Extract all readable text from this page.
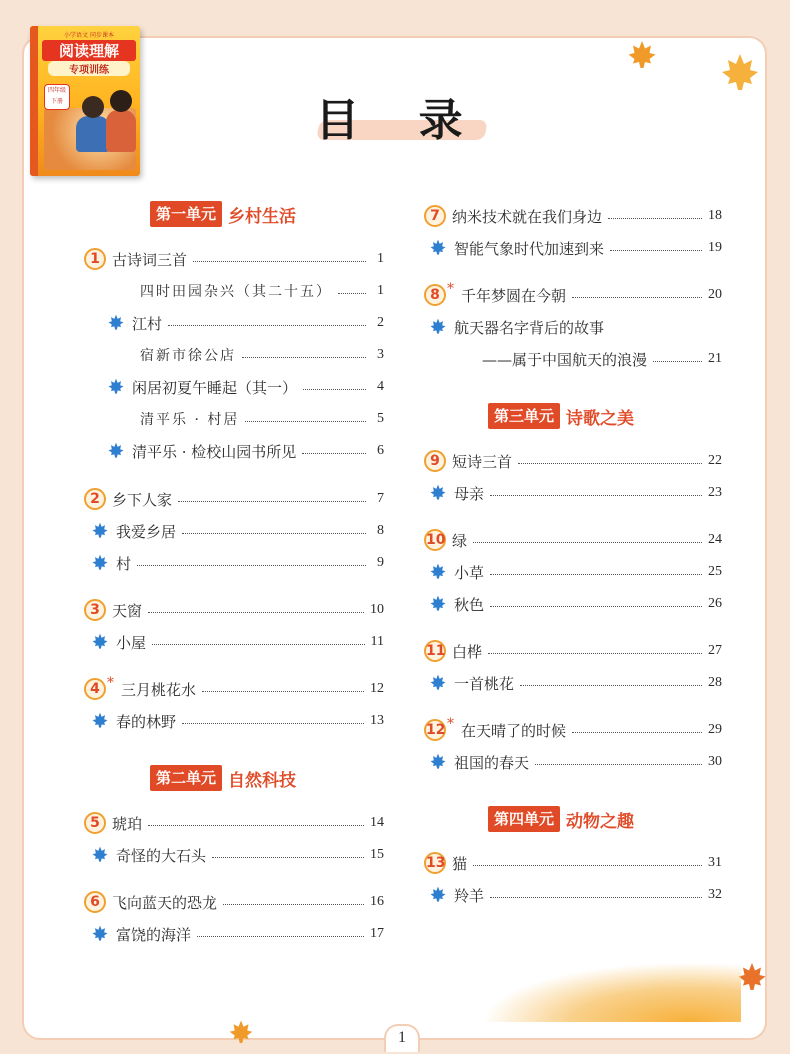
小学语文 同步课本
阅读理解
专项训练
四年级
下册	目 录
第一单元 乡村生活
第二单元 自然科技
第三单元 诗歌之美
第四单元 动物之趣
1 古诗词三首	1
四时田园杂兴（其二十五）	1
江村	2
宿新市徐公店	3
闲居初夏午睡起（其一）	4
清平乐 · 村居	5
清平乐 · 检校山园书所见	6
2 乡下人家	7
我爱乡居	8
村	9
3 天窗	10
小屋	11
4 * 三月桃花水	12
春的林野	13
5 琥珀	14
奇怪的大石头	15
6 飞向蓝天的恐龙	16
富饶的海洋	17
7 纳米技术就在我们身边	18
智能气象时代加速到来	19
8 * 千年梦圆在今朝	20
航天器名字背后的故事
——属于中国航天的浪漫	21
9 短诗三首	22
母亲	23
10 绿	24
小草	25
秋色	26
11 白桦	27
一首桃花	28
12 * 在天晴了的时候	29
祖国的春天	30
13 猫	31
羚羊	32
1
